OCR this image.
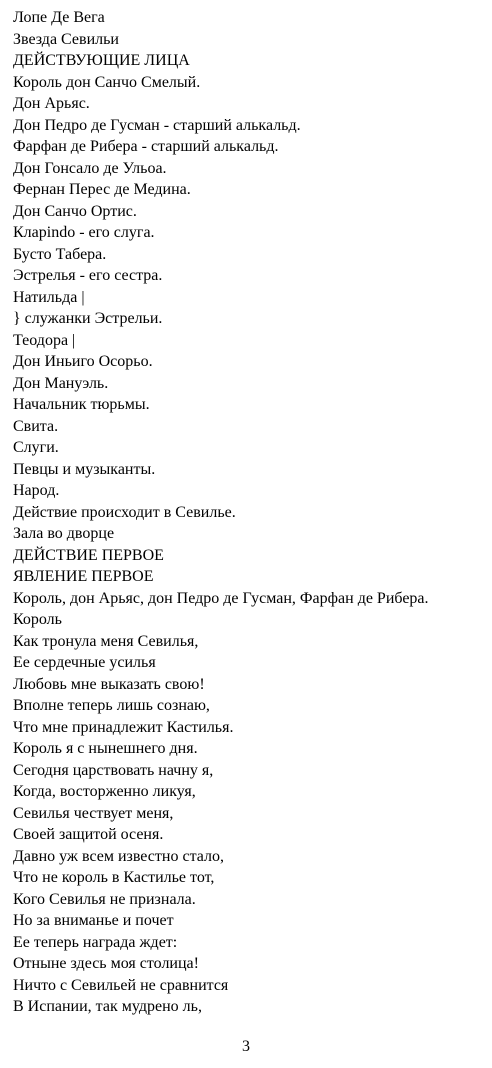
Лопе Де Вега
Звезда Севильи
ДЕЙСТВУЮЩИЕ ЛИЦА
Король дон Санчо Смелый.
Дон Арьяс.
Дон Педро де Гусман - старший алькальд.
Фарфан де Рибера - старший алькальд.
Дон Гонсало де Ульоа.
Фернан Перес де Медина.
Дон Санчо Ортис.
Кларindo - его слуга.
Бусто Табера.
Эстрелья - его сестра.
Натильда |
} служанки Эстрельи.
Теодора |
Дон Иньиго Осорьо.
Дон Мануэль.
Начальник тюрьмы.
Свита.
Слуги.
Певцы и музыканты.
Народ.
Действие происходит в Севилье.
Зала во дворце
ДЕЙСТВИЕ ПЕРВОЕ
ЯВЛЕНИЕ ПЕРВОЕ
Король, дон Арьяс, дон Педро де Гусман, Фарфан де Рибера.
Король
Как тронула меня Севилья,
Ее сердечные усилья
Любовь мне выказать свою!
Вполне теперь лишь сознаю,
Что мне принадлежит Кастилья.
Король я с нынешнего дня.
Сегодня царствовать начну я,
Когда, восторженно ликуя,
Севилья чествует меня,
Своей защитой осеня.
Давно уж всем известно стало,
Что не король в Кастилье тот,
Кого Севилья не признала.
Но за вниманье и почет
Ее теперь награда ждет:
Отныне здесь моя столица!
Ничто с Севильей не сравнится
В Испании, так мудрено ль,
3
